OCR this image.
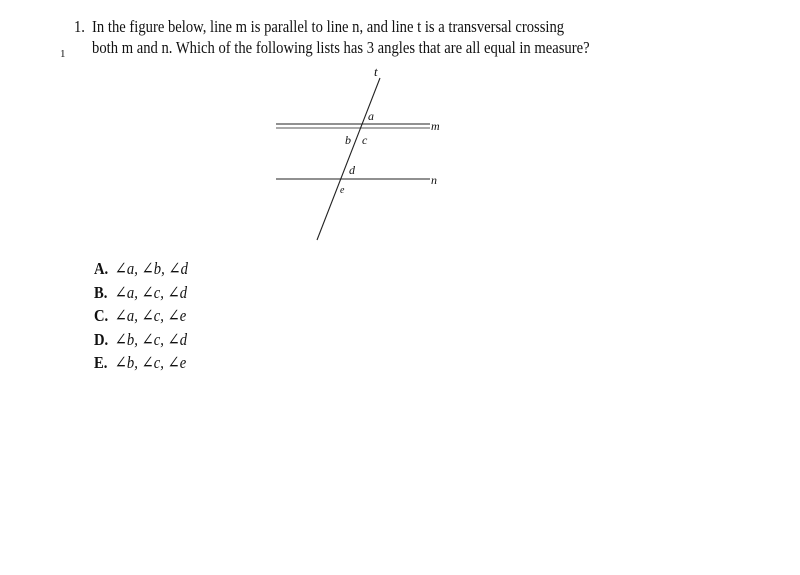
1
1. In the figure below, line m is parallel to line n, and line t is a transversal crossing
both m and n. Which of the following lists has 3 angles that are all equal in measure?
t
m
n
a
b c
d
e
A. ∠a, ∠b, ∠d
B. ∠a, ∠c, ∠d
C. ∠a, ∠c, ∠e
D. ∠b, ∠c, ∠d
E. ∠b, ∠c, ∠e
